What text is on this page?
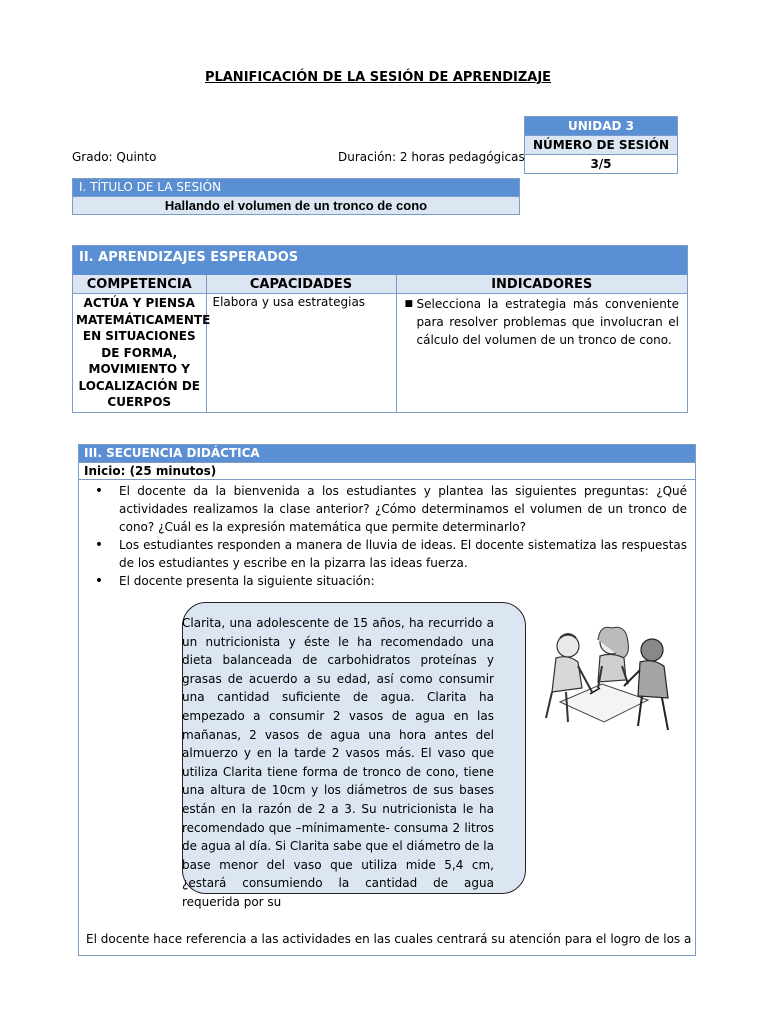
PLANIFICACIÓN DE LA SESIÓN DE APRENDIZAJE
UNIDAD 3
NÚMERO DE SESIÓN
3/5
Grado: Quinto	Duración: 2 horas pedagógicas
I. TÍTULO DE LA SESIÓN
Hallando el volumen de un tronco de cono
II. APRENDIZAJES ESPERADOS
COMPETENCIA	CAPACIDADES	INDICADORES
ACTÚA Y PIENSA MATEMÁTICAMENTE EN SITUACIONES DE FORMA, MOVIMIENTO Y LOCALIZACIÓN DE CUERPOS	Elabora y usa estrategias	■ Selecciona la estrategia más conveniente para resolver problemas que involucran el cálculo del volumen de un tronco de cono.
III. SECUENCIA DIDÁCTICA
Inicio: (25 minutos)
•	El docente da la bienvenida a los estudiantes y plantea las siguientes preguntas: ¿Qué actividades realizamos la clase anterior? ¿Cómo determinamos el volumen de un tronco de cono? ¿Cuál es la expresión matemática que permite determinarlo?
•	Los estudiantes responden a manera de lluvia de ideas. El docente sistematiza las respuestas de los estudiantes y escribe en la pizarra las ideas fuerza.
•	El docente presenta la siguiente situación:
Clarita, una adolescente de 15 años, ha recurrido a un nutricionista y éste le ha recomendado una dieta balanceada de carbohidratos proteínas y grasas de acuerdo a su edad, así como consumir una cantidad suficiente de agua. Clarita ha empezado a consumir 2 vasos de agua en las mañanas, 2 vasos de agua una hora antes del almuerzo y en la tarde 2 vasos más. El vaso que utiliza Clarita tiene forma de tronco de cono, tiene una altura de 10cm y los diámetros de sus bases están en la razón de 2 a 3. Su nutricionista le ha recomendado que –mínimamente- consuma 2 litros de agua al día. Si Clarita sabe que el diámetro de la base menor del vaso que utiliza mide 5,4 cm, ¿estará consumiendo la cantidad de agua requerida por su
El docente hace referencia a las actividades en las cuales centrará su atención para el logro de los a
